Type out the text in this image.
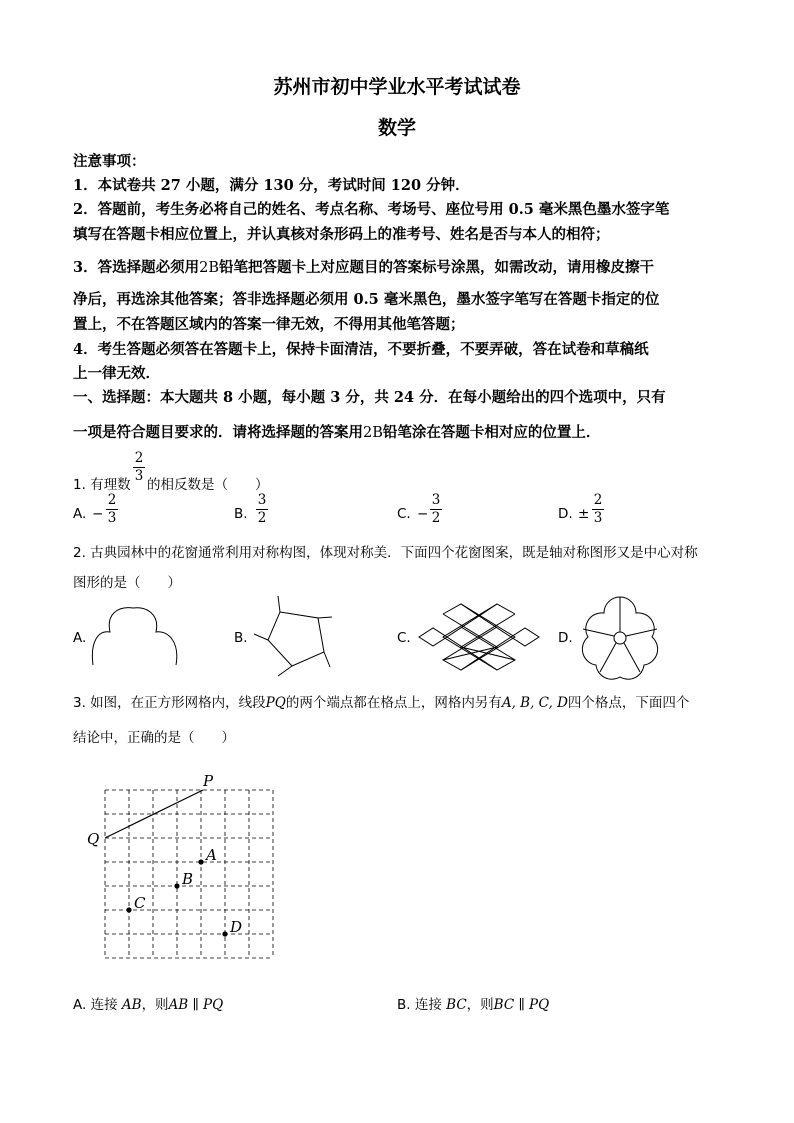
苏州市初中学业水平考试试卷
数学
注意事项：
1．本试卷共 27 小题，满分 130 分，考试时间 120 分钟．
2．答题前，考生务必将自己的姓名、考点名称、考场号、座位号用 0.5 毫米黑色墨水签字笔
填写在答题卡相应位置上，并认真核对条形码上的准考号、姓名是否与本人的相符；
3．答选择题必须用2B铅笔把答题卡上对应题目的答案标号涂黑，如需改动，请用橡皮擦干
净后，再选涂其他答案；答非选择题必须用 0.5 毫米黑色，墨水签字笔写在答题卡指定的位
置上，不在答题区域内的答案一律无效，不得用其他笔答题；
4．考生答题必须答在答题卡上，保持卡面清洁，不要折叠，不要弄破，答在试卷和草稿纸
上一律无效．
一、选择题：本大题共 8 小题，每小题 3 分，共 24 分．在每小题给出的四个选项中，只有
一项是符合题目要求的．请将选择题的答案用2B铅笔涂在答题卡相对应的位置上．
1. 有理数
2
3
的相反数是（　　）
A. −
2
3	B.
3
2	C. −
3
2	D. ±
2
3
2. 古典园林中的花窗通常利用对称构图，体现对称美．下面四个花窗图案，既是轴对称图形又是中心对称
图形的是（　　）
A.	B.	C.	D.
3. 如图，在正方形网格内，线段PQ的两个端点都在格点上，网格内另有A, B, C, D四个格点，下面四个
结论中，正确的是（　　）
P
Q
A
B
C
D
A. 连接 AB，则AB ∥ PQ	B. 连接 BC，则BC ∥ PQ
